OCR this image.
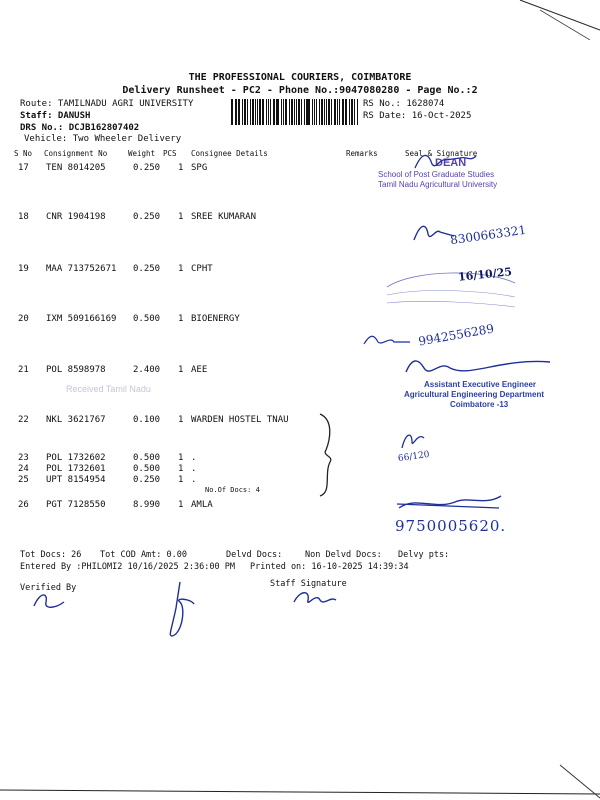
THE PROFESSIONAL COURIERS, COIMBATORE
Delivery Runsheet - PC2 - Phone No.:9047080280 - Page No.:2
Route: TAMILNADU AGRI UNIVERSITY
Staff: DANUSH
DRS No.: DCJB162807402
Vehicle: Two Wheeler Delivery
RS No.: 1628074
RS Date: 16-Oct-2025
S No Consignment No	Weight PCS Consignee Details	Remarks	Seal & Signature
17 TEN 8014205	0.250 1 SPG
18 CNR 1904198	0.250 1 SREE KUMARAN
19 MAA 713752671 0.250 1 CPHT
20 IXM 509166169 0.500 1 BIOENERGY
21 POL 8598978	2.400 1 AEE
Received Tamil Nadu
22 NKL 3621767	0.100 1 WARDEN HOSTEL TNAU
23 POL 1732602	0.500 1 .
24 POL 1732601	0.500 1 .
25 UPT 8154954	0.250 1 .
No.Of Docs: 4
26 PGT 7128550	8.990 1 AMLA
DEAN
School of Post Graduate Studies
Tamil Nadu Agricultural University
8300663321
16/10/25
9942556289
Assistant Executive Engineer
Agricultural Engineering Department
Coimbatore -13
66/120
9750005620.
Tot Docs: 26 Tot COD Amt: 0.00	Delvd Docs:	Non Delvd Docs: Delvy pts:
Entered By :PHILOMI2 10/16/2025 2:36:00 PM Printed on: 16-10-2025 14:39:34
Verified By	Staff Signature
